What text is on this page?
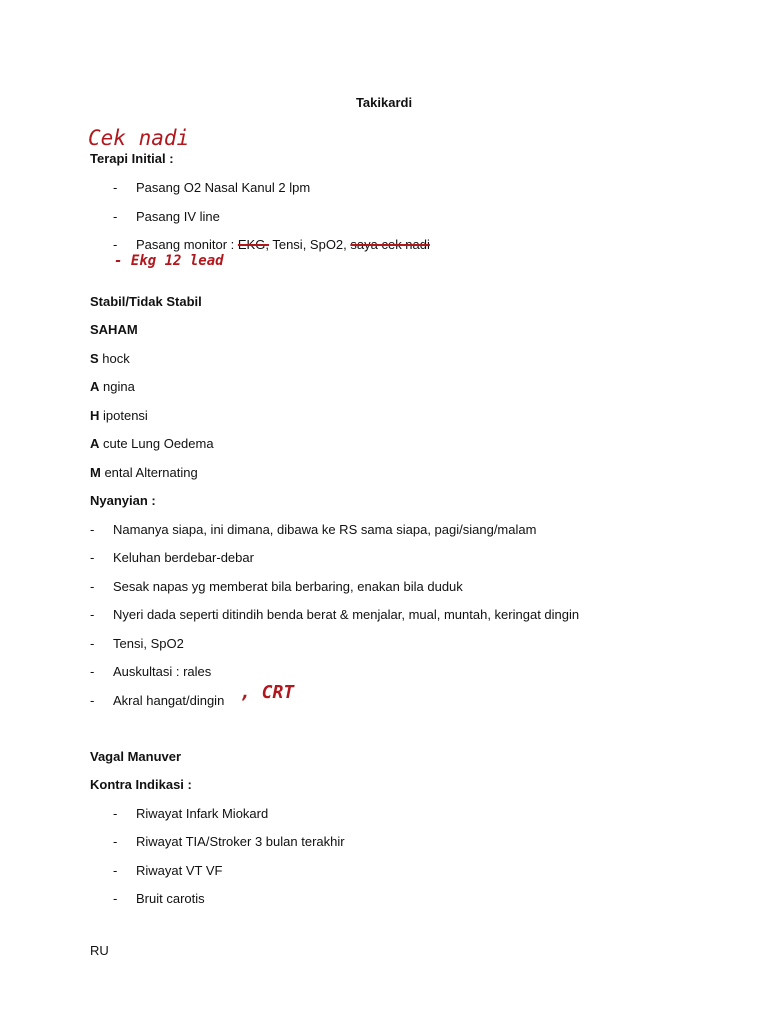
Takikardi
Cek nadi
Terapi Initial :
- Pasang O2 Nasal Kanul 2 lpm
- Pasang IV line
- Pasang monitor : EKG, Tensi, SpO2, saya cek nadi
- Ekg 12 lead
Stabil/Tidak Stabil
SAHAM
S hock
A ngina
H ipotensi
A cute Lung Oedema
M ental Alternating
Nyanyian :
- Namanya siapa, ini dimana, dibawa ke RS sama siapa, pagi/siang/malam
- Keluhan berdebar-debar
- Sesak napas yg memberat bila berbaring, enakan bila duduk
- Nyeri dada seperti ditindih benda berat & menjalar, mual, muntah, keringat dingin
- Tensi, SpO2
- Auskultasi : rales
- Akral hangat/dingin , CRT
Vagal Manuver
Kontra Indikasi :
- Riwayat Infark Miokard
- Riwayat TIA/Stroker 3 bulan terakhir
- Riwayat VT VF
- Bruit carotis
RU
